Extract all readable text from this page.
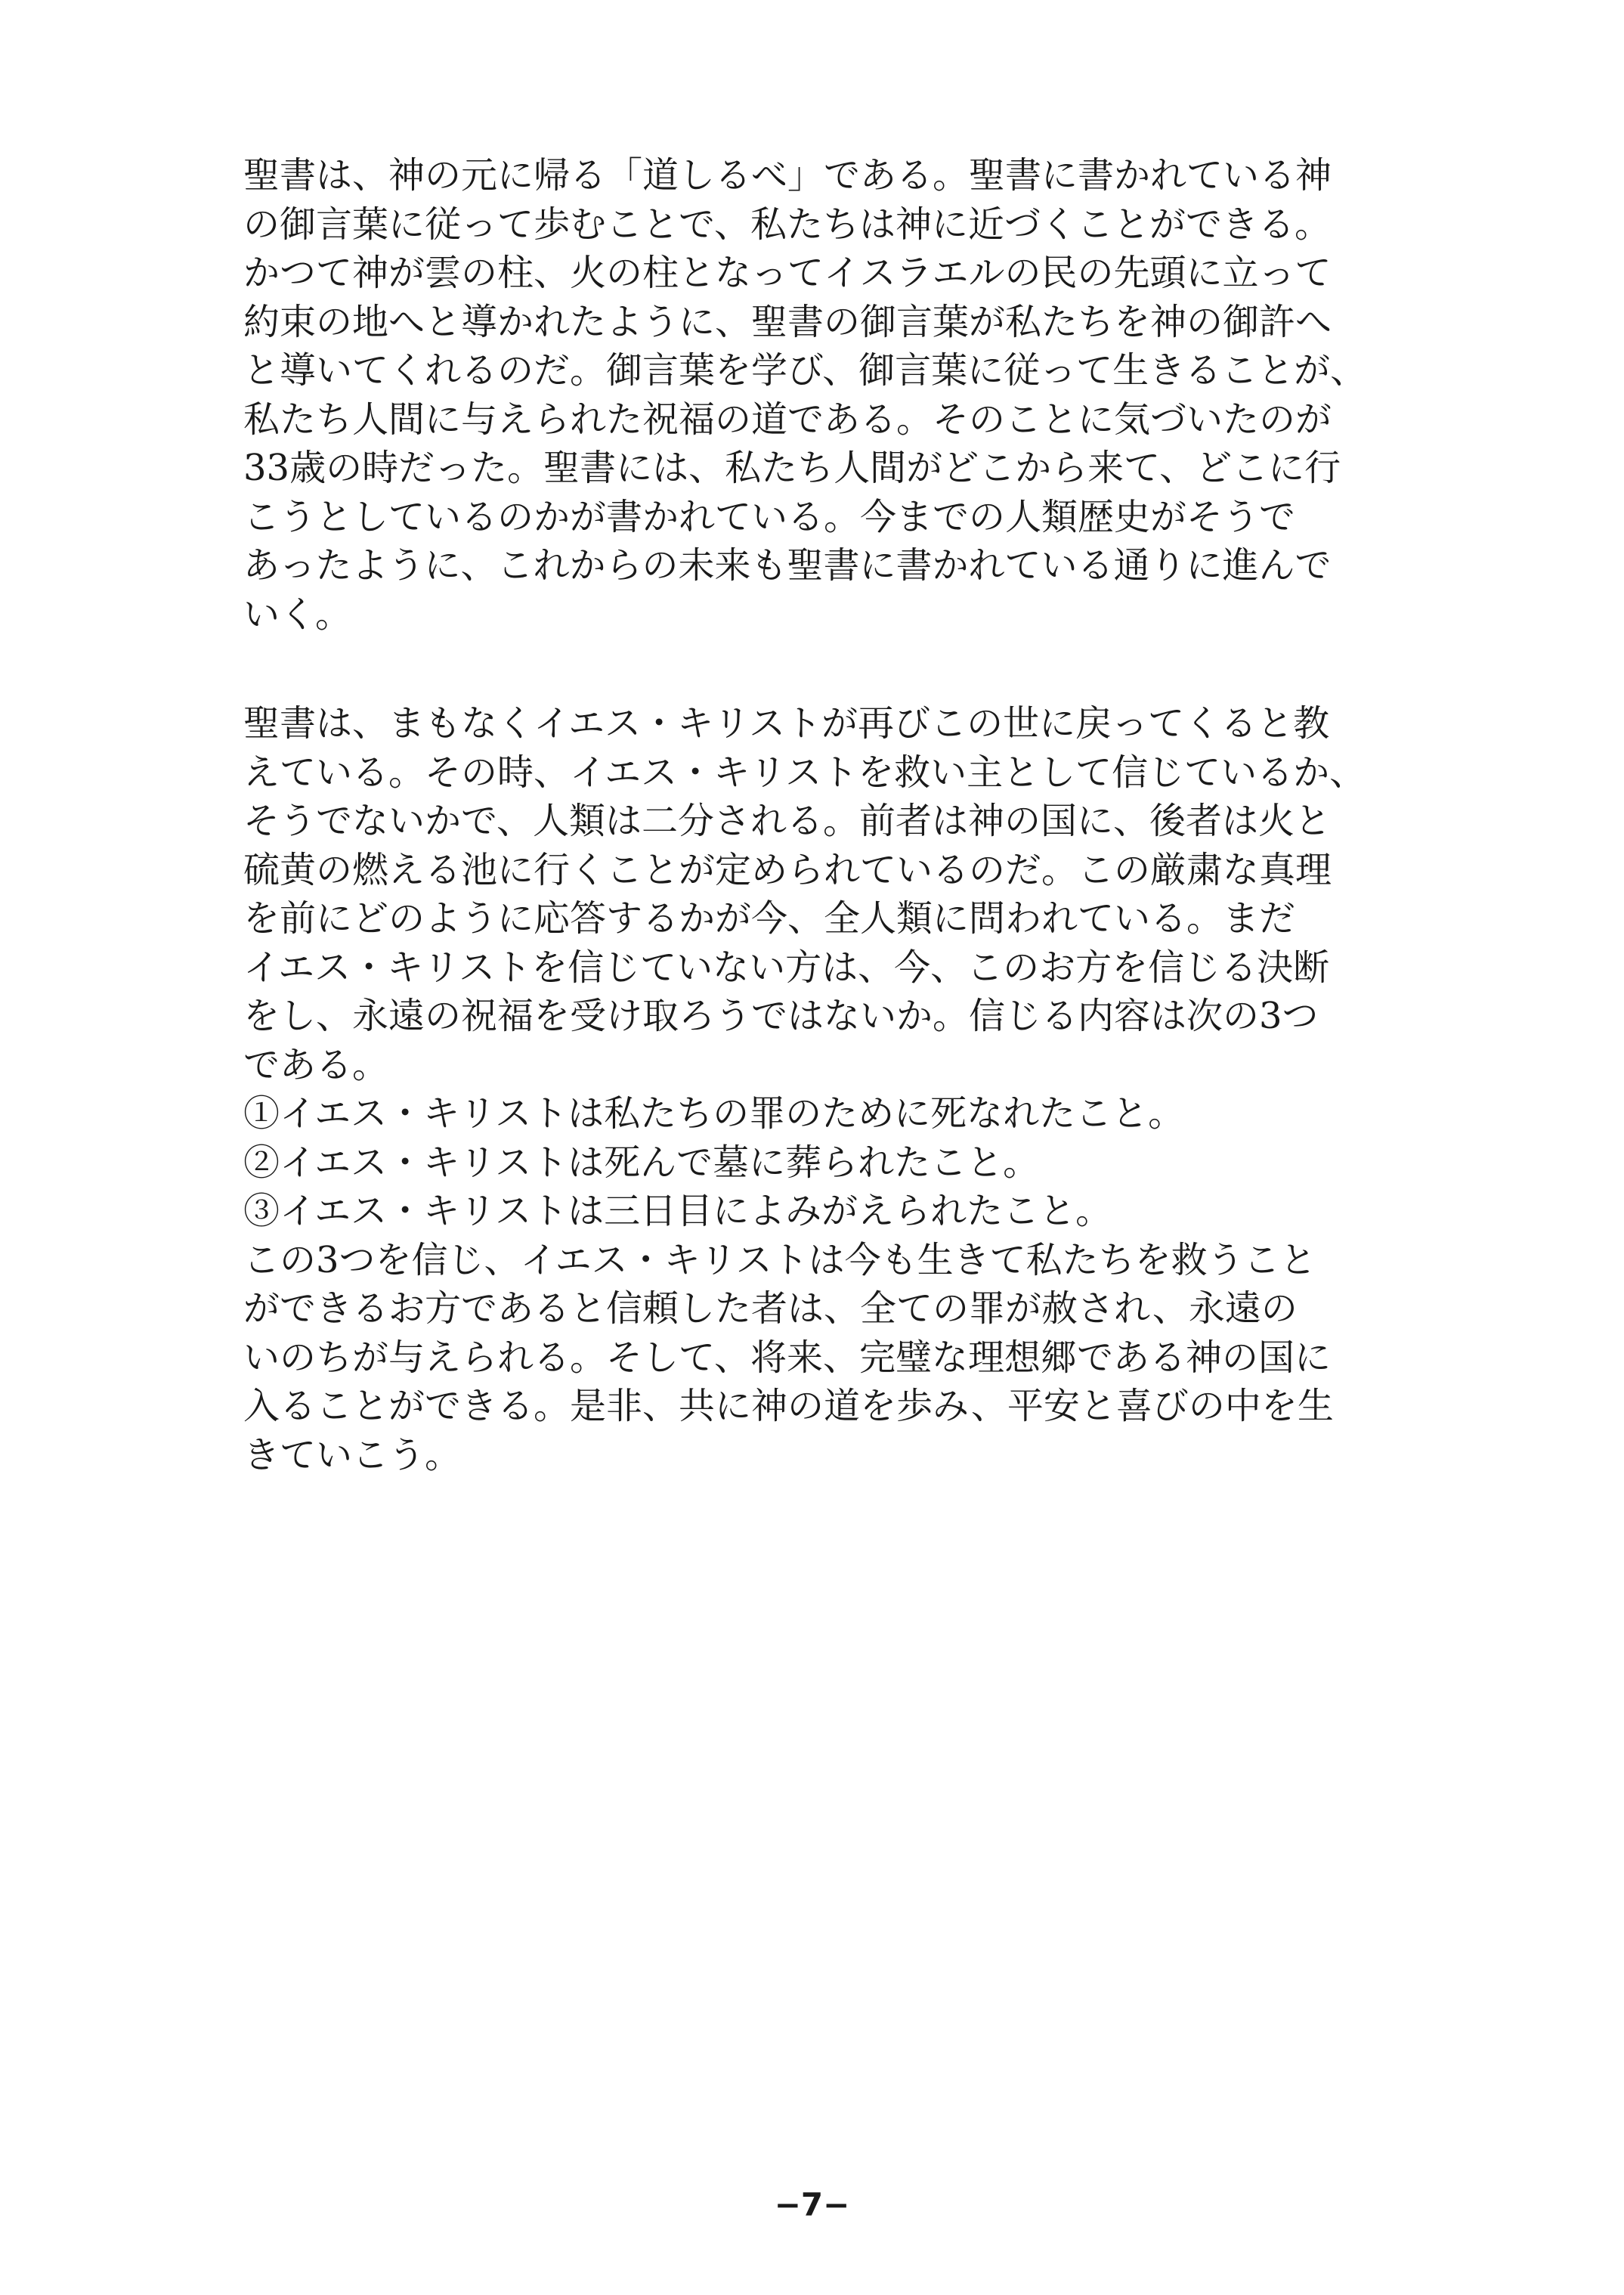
聖書は、神の元に帰る「道しるべ」である。聖書に書かれている神
の御言葉に従って歩むことで、私たちは神に近づくことができる。
かつて神が雲の柱、火の柱となってイスラエルの民の先頭に立って
約束の地へと導かれたように、聖書の御言葉が私たちを神の御許へ
と導いてくれるのだ。御言葉を学び、御言葉に従って生きることが、
私たち人間に与えられた祝福の道である。そのことに気づいたのが
33歳の時だった。聖書には、私たち人間がどこから来て、どこに行
こうとしているのかが書かれている。今までの人類歴史がそうで
あったように、これからの未来も聖書に書かれている通りに進んで
いく。
聖書は、まもなくイエス・キリストが再びこの世に戻ってくると教
えている。その時、イエス・キリストを救い主として信じているか、
そうでないかで、人類は二分される。前者は神の国に、後者は火と
硫黄の燃える池に行くことが定められているのだ。この厳粛な真理
を前にどのように応答するかが今、全人類に問われている。まだ
イエス・キリストを信じていない方は、今、このお方を信じる決断
をし、永遠の祝福を受け取ろうではないか。信じる内容は次の3つ
である。
①イエス・キリストは私たちの罪のために死なれたこと。
②イエス・キリストは死んで墓に葬られたこと。
③イエス・キリストは三日目によみがえられたこと。
この3つを信じ、イエス・キリストは今も生きて私たちを救うこと
ができるお方であると信頼した者は、全ての罪が赦され、永遠の
いのちが与えられる。そして、将来、完璧な理想郷である神の国に
入ることができる。是非、共に神の道を歩み、平安と喜びの中を生
きていこう。
−7−
